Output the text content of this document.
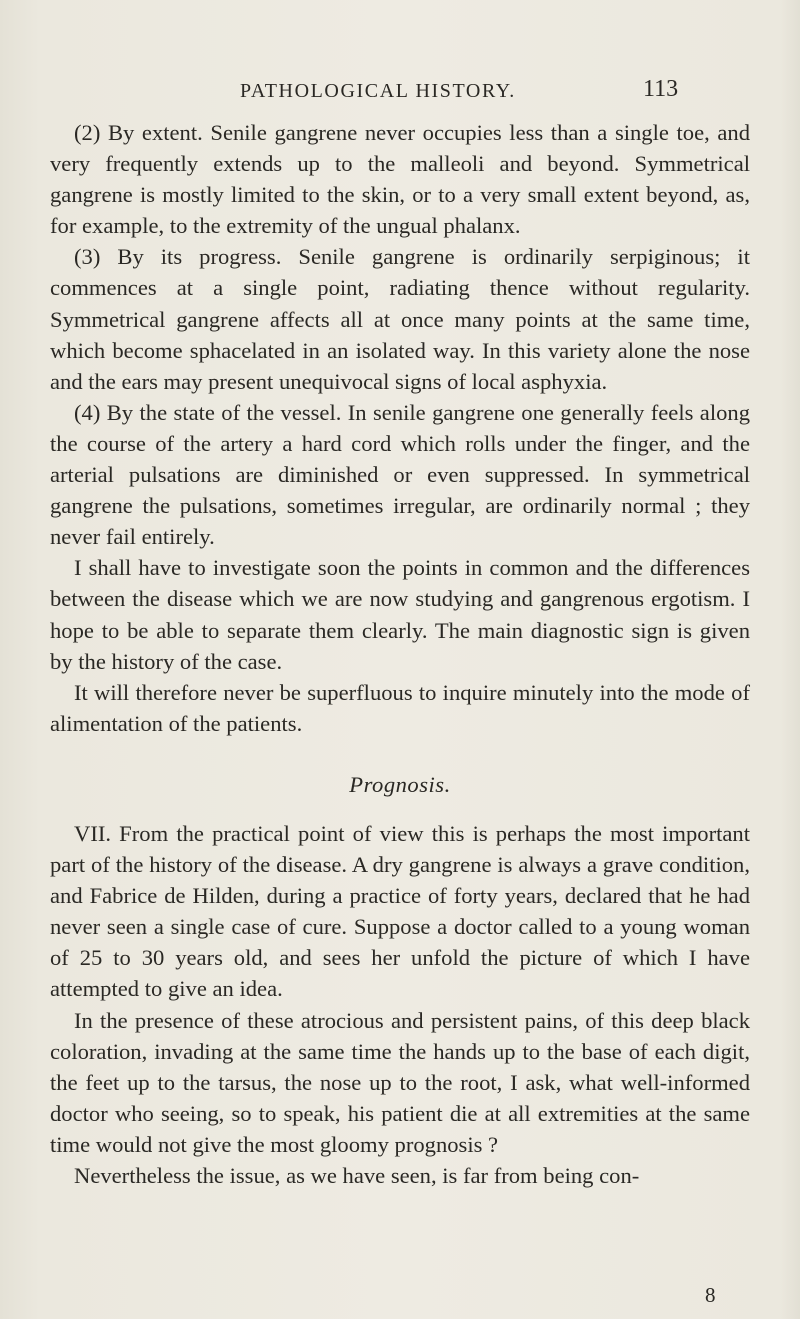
PATHOLOGICAL HISTORY.	113

(2) By extent. Senile gangrene never occupies less than a single toe, and very frequently extends up to the malleoli and beyond. Symmetrical gangrene is mostly limited to the skin, or to a very small extent beyond, as, for example, to the extremity of the ungual phalanx.

(3) By its progress. Senile gangrene is ordinarily serpiginous; it commences at a single point, radiating thence without regularity. Symmetrical gangrene affects all at once many points at the same time, which become sphacelated in an isolated way. In this variety alone the nose and the ears may present unequivocal signs of local asphyxia.

(4) By the state of the vessel. In senile gangrene one generally feels along the course of the artery a hard cord which rolls under the finger, and the arterial pulsations are diminished or even suppressed. In symmetrical gangrene the pulsations, sometimes irregular, are ordinarily normal ; they never fail entirely.

I shall have to investigate soon the points in common and the differences between the disease which we are now studying and gangrenous ergotism. I hope to be able to separate them clearly. The main diagnostic sign is given by the history of the case.

It will therefore never be superfluous to inquire minutely into the mode of alimentation of the patients.

Prognosis.

VII. From the practical point of view this is perhaps the most important part of the history of the disease. A dry gangrene is always a grave condition, and Fabrice de Hilden, during a practice of forty years, declared that he had never seen a single case of cure. Suppose a doctor called to a young woman of 25 to 30 years old, and sees her unfold the picture of which I have attempted to give an idea.

In the presence of these atrocious and persistent pains, of this deep black coloration, invading at the same time the hands up to the base of each digit, the feet up to the tarsus, the nose up to the root, I ask, what well-informed doctor who seeing, so to speak, his patient die at all extremities at the same time would not give the most gloomy prognosis ?

Nevertheless the issue, as we have seen, is far from being con-

8
